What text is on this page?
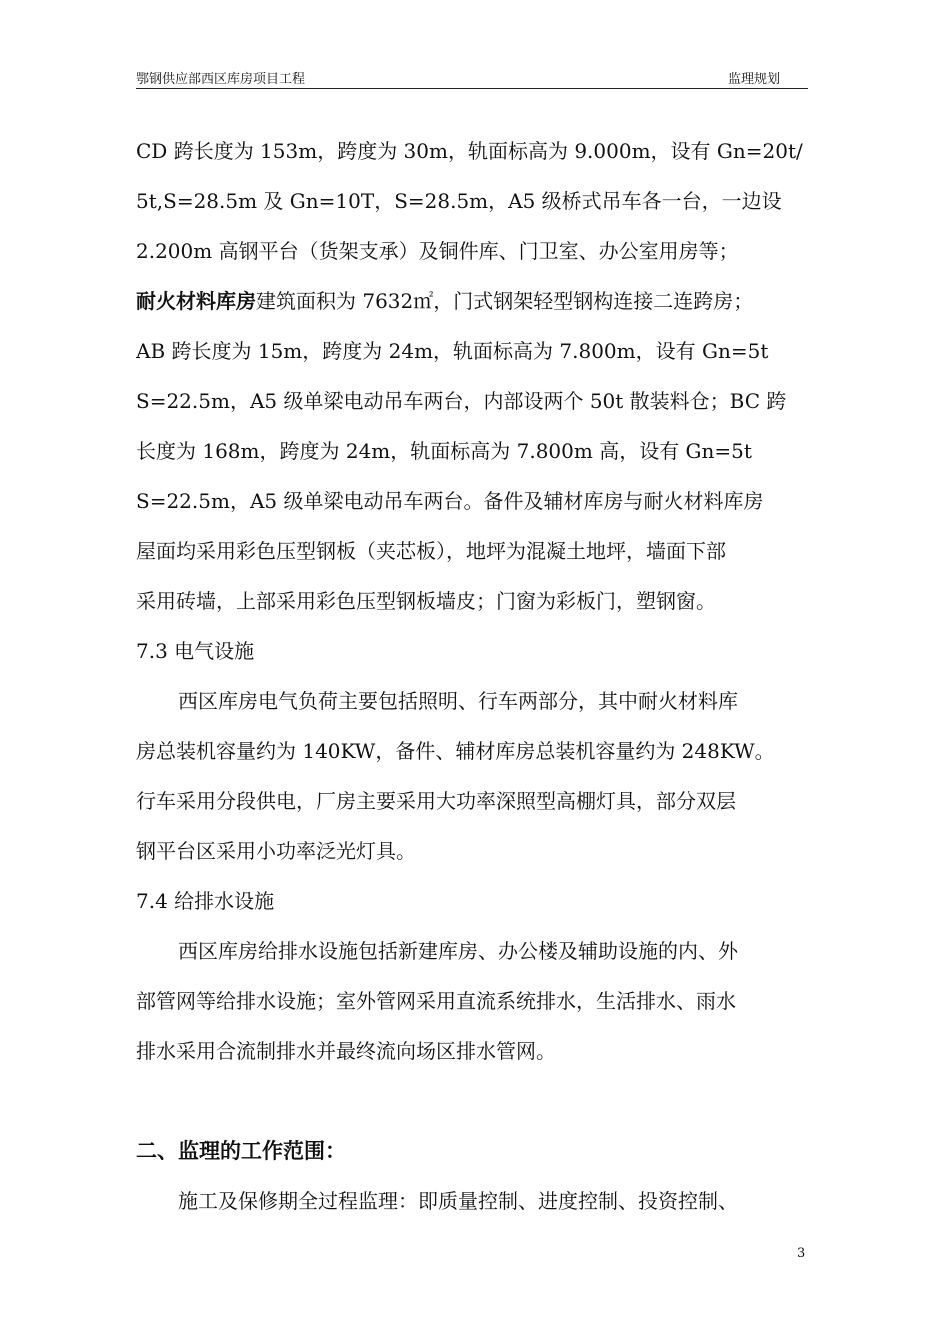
鄂钢供应部西区库房项目工程	监理规划
CD 跨长度为 153m，跨度为 30m，轨面标高为 9.000m，设有 Gn=20t/
5t,S=28.5m 及 Gn=10T，S=28.5m，A5 级桥式吊车各一台，一边设
2.200m 高钢平台（货架支承）及铜件库、门卫室、办公室用房等；
耐火材料库房建筑面积为 7632㎡，门式钢架轻型钢构连接二连跨房；
AB 跨长度为 15m，跨度为 24m，轨面标高为 7.800m，设有 Gn=5t
S=22.5m，A5 级单梁电动吊车两台，内部设两个 50t 散装料仓；BC 跨
长度为 168m，跨度为 24m，轨面标高为 7.800m 高，设有 Gn=5t
S=22.5m，A5 级单梁电动吊车两台。备件及辅材库房与耐火材料库房
屋面均采用彩色压型钢板（夹芯板），地坪为混凝土地坪，墙面下部
采用砖墙，上部采用彩色压型钢板墙皮；门窗为彩板门，塑钢窗。
7.3 电气设施
西区库房电气负荷主要包括照明、行车两部分，其中耐火材料库
房总装机容量约为 140KW，备件、辅材库房总装机容量约为 248KW。
行车采用分段供电，厂房主要采用大功率深照型高棚灯具，部分双层
钢平台区采用小功率泛光灯具。
7.4 给排水设施
西区库房给排水设施包括新建库房、办公楼及辅助设施的内、外
部管网等给排水设施；室外管网采用直流系统排水，生活排水、雨水
排水采用合流制排水并最终流向场区排水管网。
二、监理的工作范围：
施工及保修期全过程监理：即质量控制、进度控制、投资控制、
3
